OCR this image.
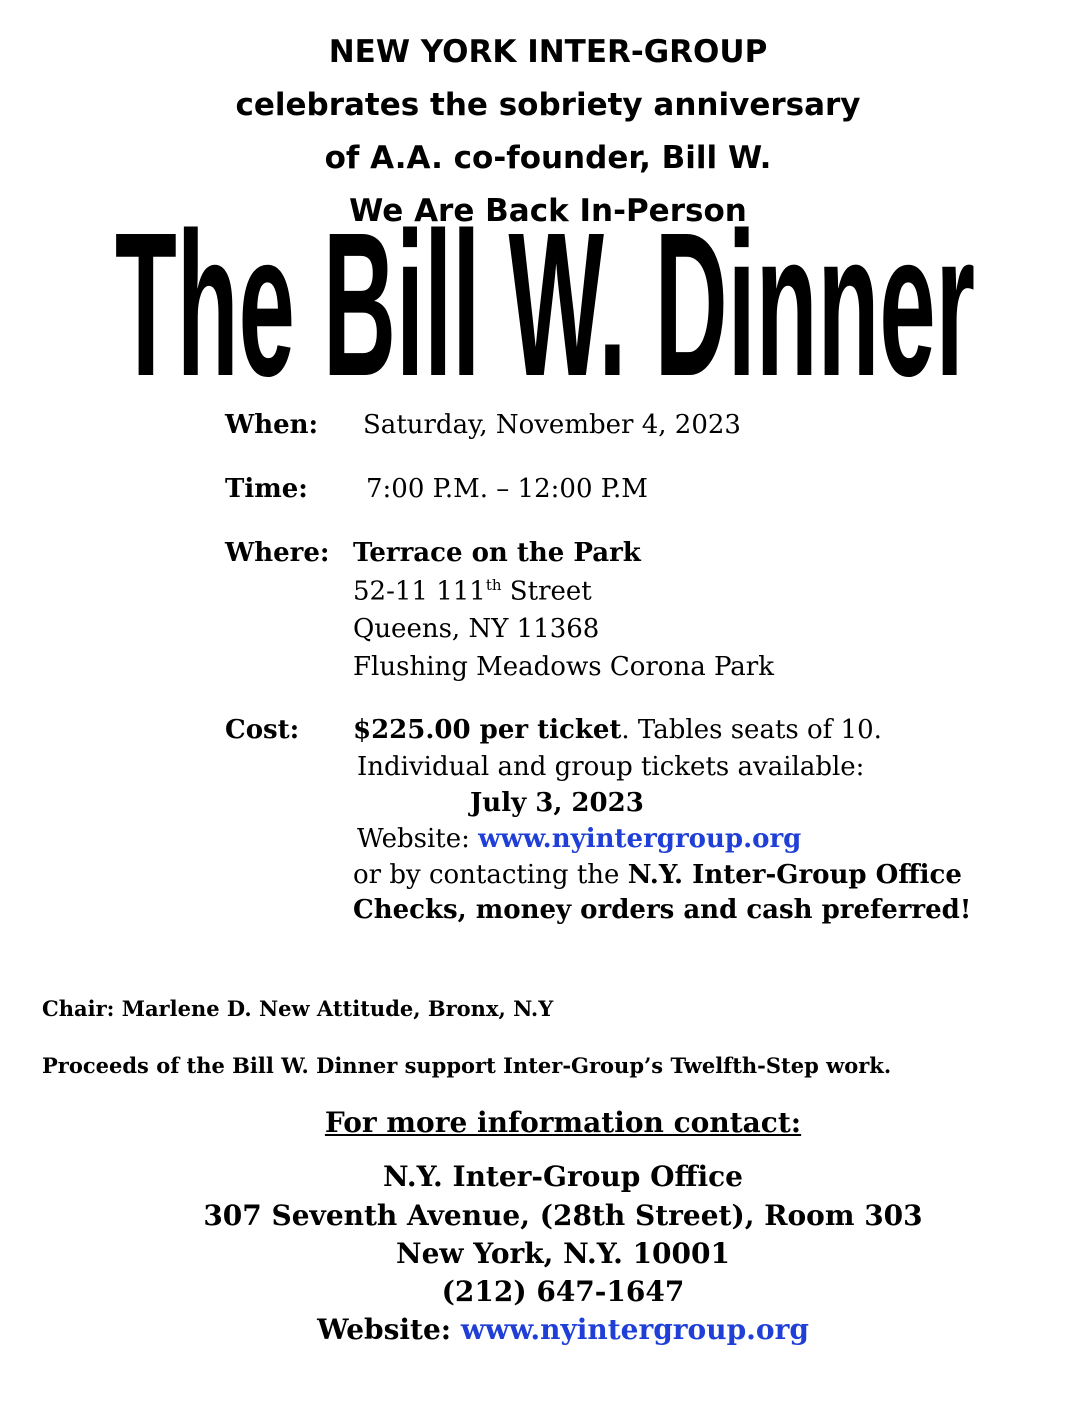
NEW YORK INTER-GROUP
celebrates the sobriety anniversary
of A.A. co-founder, Bill W.
We Are Back In-Person
The Bill W. Dinner
When: Saturday, November 4, 2023
Time: 7:00 P.M. – 12:00 P.M
Where: Terrace on the Park
52-11 111th Street
Queens, NY 11368
Flushing Meadows Corona Park
Cost: $225.00 per ticket. Tables seats of 10.
Individual and group tickets available:
July 3, 2023
Website: www.nyintergroup.org
or by contacting the N.Y. Inter-Group Office
Checks, money orders and cash preferred!
Chair: Marlene D. New Attitude, Bronx, N.Y
Proceeds of the Bill W. Dinner support Inter-Group’s Twelfth-Step work.
For more information contact:
N.Y. Inter-Group Office
307 Seventh Avenue, (28th Street), Room 303
New York, N.Y. 10001
(212) 647-1647
Website: www.nyintergroup.org
